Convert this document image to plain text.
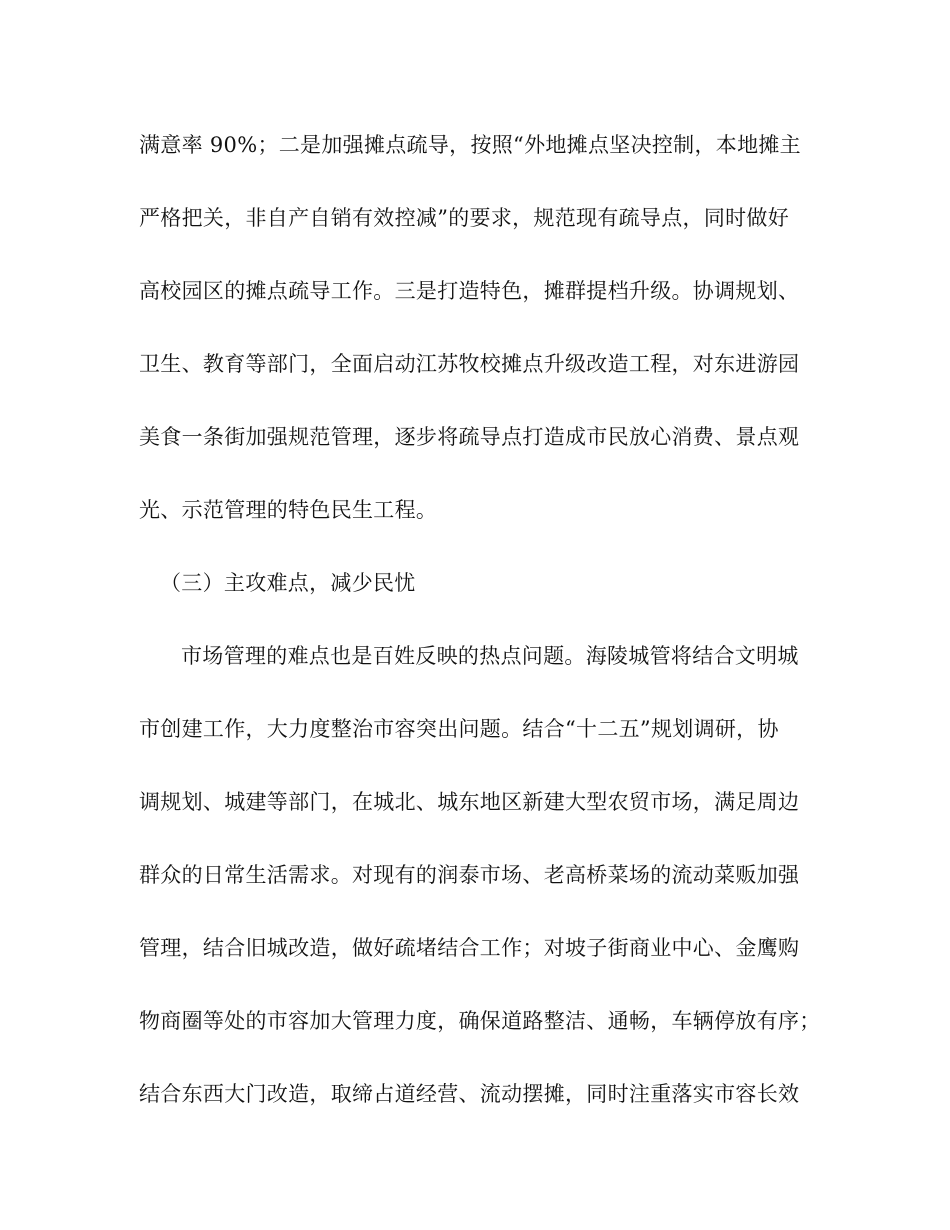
满意率 90%；二是加强摊点疏导，按照“外地摊点坚决控制，本地摊主
严格把关，非自产自销有效控减”的要求，规范现有疏导点，同时做好
高校园区的摊点疏导工作。三是打造特色，摊群提档升级。协调规划、
卫生、教育等部门，全面启动江苏牧校摊点升级改造工程，对东进游园
美食一条街加强规范管理，逐步将疏导点打造成市民放心消费、景点观
光、示范管理的特色民生工程。
（三）主攻难点，减少民忧
市场管理的难点也是百姓反映的热点问题。海陵城管将结合文明城
市创建工作，大力度整治市容突出问题。结合“十二五”规划调研，协
调规划、城建等部门，在城北、城东地区新建大型农贸市场，满足周边
群众的日常生活需求。对现有的润泰市场、老高桥菜场的流动菜贩加强
管理，结合旧城改造，做好疏堵结合工作；对坡子街商业中心、金鹰购
物商圈等处的市容加大管理力度，确保道路整洁、通畅，车辆停放有序；
结合东西大门改造，取缔占道经营、流动摆摊，同时注重落实市容长效
